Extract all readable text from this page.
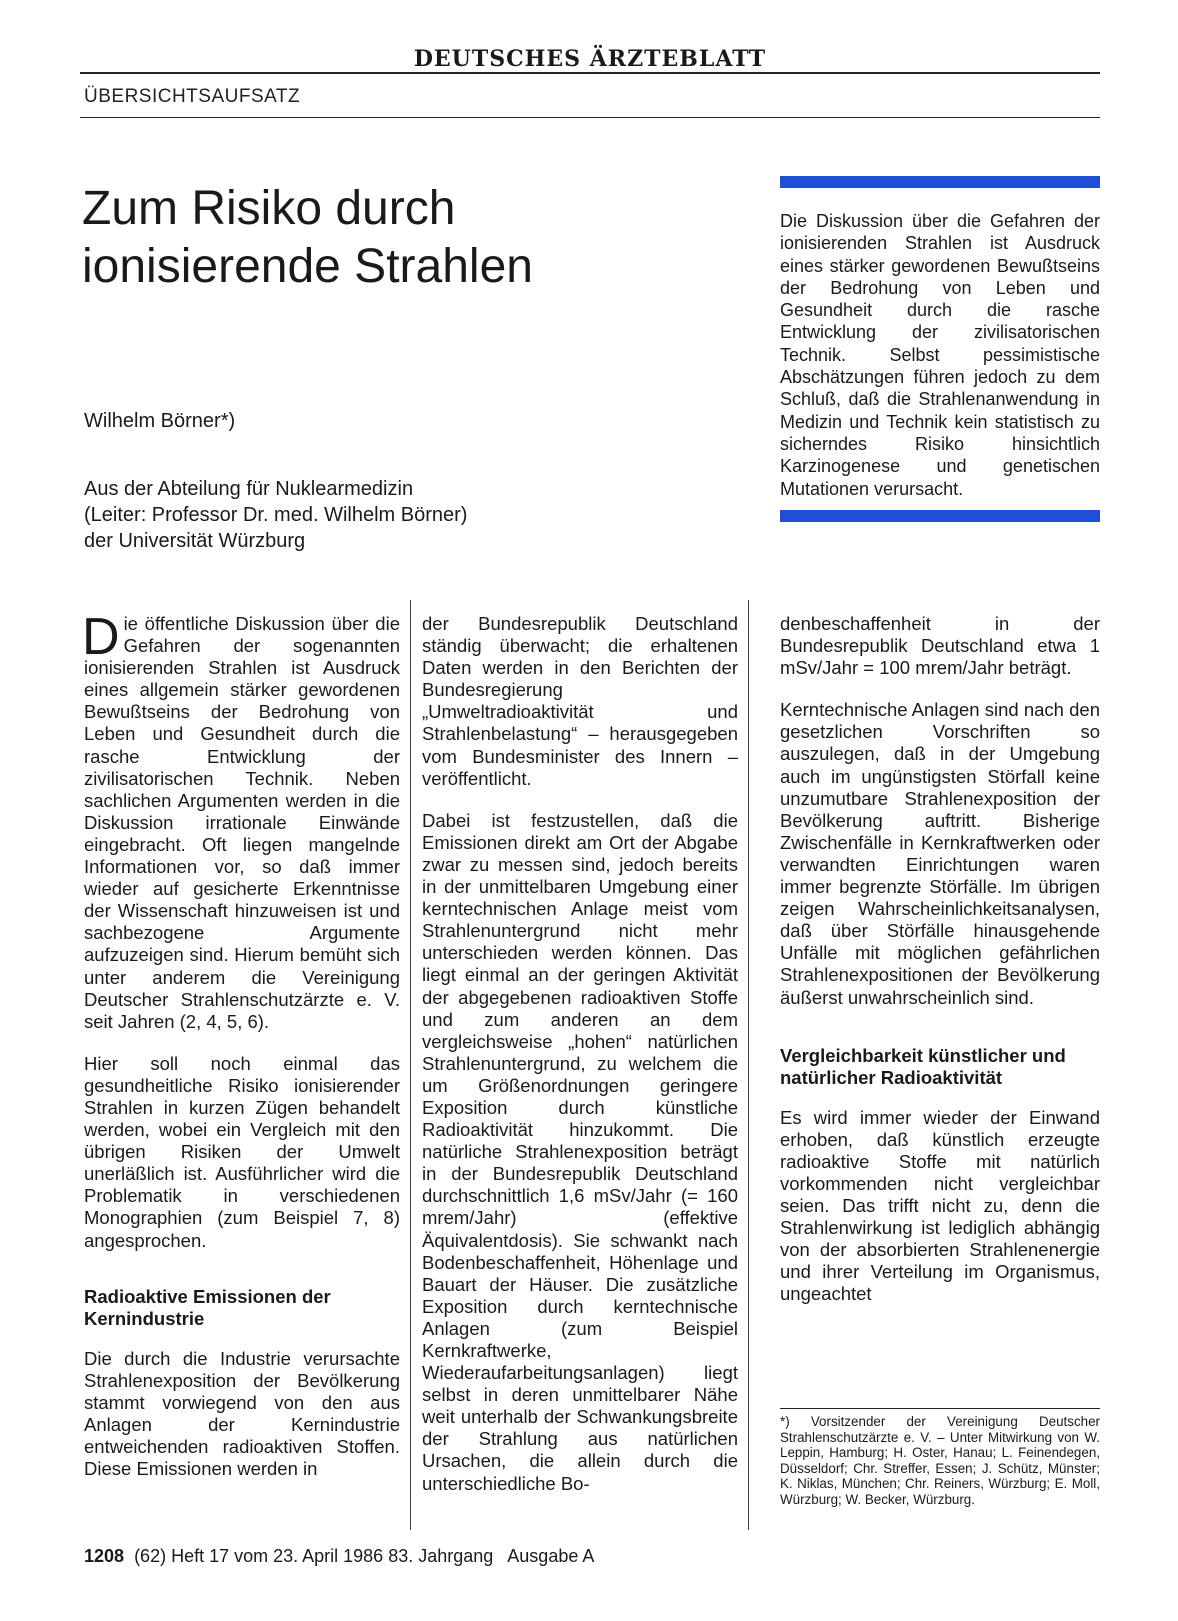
DEUTSCHES ÄRZTEBLATT
ÜBERSICHTSAUFSATZ
Zum Risiko durch ionisierende Strahlen
Wilhelm Börner*)
Aus der Abteilung für Nuklearmedizin
(Leiter: Professor Dr. med. Wilhelm Börner)
der Universität Würzburg

Die Diskussion über die Gefahren der ionisierenden Strahlen ist Ausdruck eines stärker gewordenen Bewußtseins der Bedrohung von Leben und Gesundheit durch die rasche Entwicklung der zivilisatorischen Technik. Selbst pessimistische Abschätzungen führen jedoch zu dem Schluß, daß die Strahlenanwendung in Medizin und Technik kein statistisch zu sicherndes Risiko hinsichtlich Karzinogenese und genetischen Mutationen verursacht.

Die öffentliche Diskussion über die Gefahren der sogenannten ionisierenden Strahlen ist Ausdruck eines allgemein stärker gewordenen Bewußtseins der Bedrohung von Leben und Gesundheit durch die rasche Entwicklung der zivilisatorischen Technik. Neben sachlichen Argumenten werden in die Diskussion irrationale Einwände eingebracht. Oft liegen mangelnde Informationen vor, so daß immer wieder auf gesicherte Erkenntnisse der Wissenschaft hinzuweisen ist und sachbezogene Argumente aufzuzeigen sind. Hierum bemüht sich unter anderem die Vereinigung Deutscher Strahlenschutzärzte e. V. seit Jahren (2, 4, 5, 6).

Hier soll noch einmal das gesundheitliche Risiko ionisierender Strahlen in kurzen Zügen behandelt werden, wobei ein Vergleich mit den übrigen Risiken der Umwelt unerläßlich ist. Ausführlicher wird die Problematik in verschiedenen Monographien (zum Beispiel 7, 8) angesprochen.

Radioaktive Emissionen der Kernindustrie

Die durch die Industrie verursachte Strahlenexposition der Bevölkerung stammt vorwiegend von den aus Anlagen der Kernindustrie entweichenden radioaktiven Stoffen. Diese Emissionen werden in

der Bundesrepublik Deutschland ständig überwacht; die erhaltenen Daten werden in den Berichten der Bundesregierung „Umweltradioaktivität und Strahlenbelastung“ – herausgegeben vom Bundesminister des Innern – veröffentlicht.

Dabei ist festzustellen, daß die Emissionen direkt am Ort der Abgabe zwar zu messen sind, jedoch bereits in der unmittelbaren Umgebung einer kerntechnischen Anlage meist vom Strahlenuntergrund nicht mehr unterschieden werden können. Das liegt einmal an der geringen Aktivität der abgegebenen radioaktiven Stoffe und zum anderen an dem vergleichsweise „hohen“ natürlichen Strahlenuntergrund, zu welchem die um Größenordnungen geringere Exposition durch künstliche Radioaktivität hinzukommt. Die natürliche Strahlenexposition beträgt in der Bundesrepublik Deutschland durchschnittlich 1,6 mSv/Jahr (= 160 mrem/Jahr) (effektive Äquivalentdosis). Sie schwankt nach Bodenbeschaffenheit, Höhenlage und Bauart der Häuser. Die zusätzliche Exposition durch kerntechnische Anlagen (zum Beispiel Kernkraftwerke, Wiederaufarbeitungsanlagen) liegt selbst in deren unmittelbarer Nähe weit unterhalb der Schwankungsbreite der Strahlung aus natürlichen Ursachen, die allein durch die unterschiedliche Bo-

denbeschaffenheit in der Bundesrepublik Deutschland etwa 1 mSv/Jahr = 100 mrem/Jahr beträgt.

Kerntechnische Anlagen sind nach den gesetzlichen Vorschriften so auszulegen, daß in der Umgebung auch im ungünstigsten Störfall keine unzumutbare Strahlenexposition der Bevölkerung auftritt. Bisherige Zwischenfälle in Kernkraftwerken oder verwandten Einrichtungen waren immer begrenzte Störfälle. Im übrigen zeigen Wahrscheinlichkeitsanalysen, daß über Störfälle hinausgehende Unfälle mit möglichen gefährlichen Strahlenexpositionen der Bevölkerung äußerst unwahrscheinlich sind.

Vergleichbarkeit künstlicher und natürlicher Radioaktivität

Es wird immer wieder der Einwand erhoben, daß künstlich erzeugte radioaktive Stoffe mit natürlich vorkommenden nicht vergleichbar seien. Das trifft nicht zu, denn die Strahlenwirkung ist lediglich abhängig von der absorbierten Strahlenenergie und ihrer Verteilung im Organismus, ungeachtet

*) Vorsitzender der Vereinigung Deutscher Strahlenschutzärzte e. V. – Unter Mitwirkung von W. Leppin, Hamburg; H. Oster, Hanau; L. Feinendegen, Düsseldorf; Chr. Streffer, Essen; J. Schütz, Münster; K. Niklas, München; Chr. Reiners, Würzburg; E. Moll, Würzburg; W. Becker, Würzburg.
1208 (62) Heft 17 vom 23. April 1986 83. Jahrgang   Ausgabe A
